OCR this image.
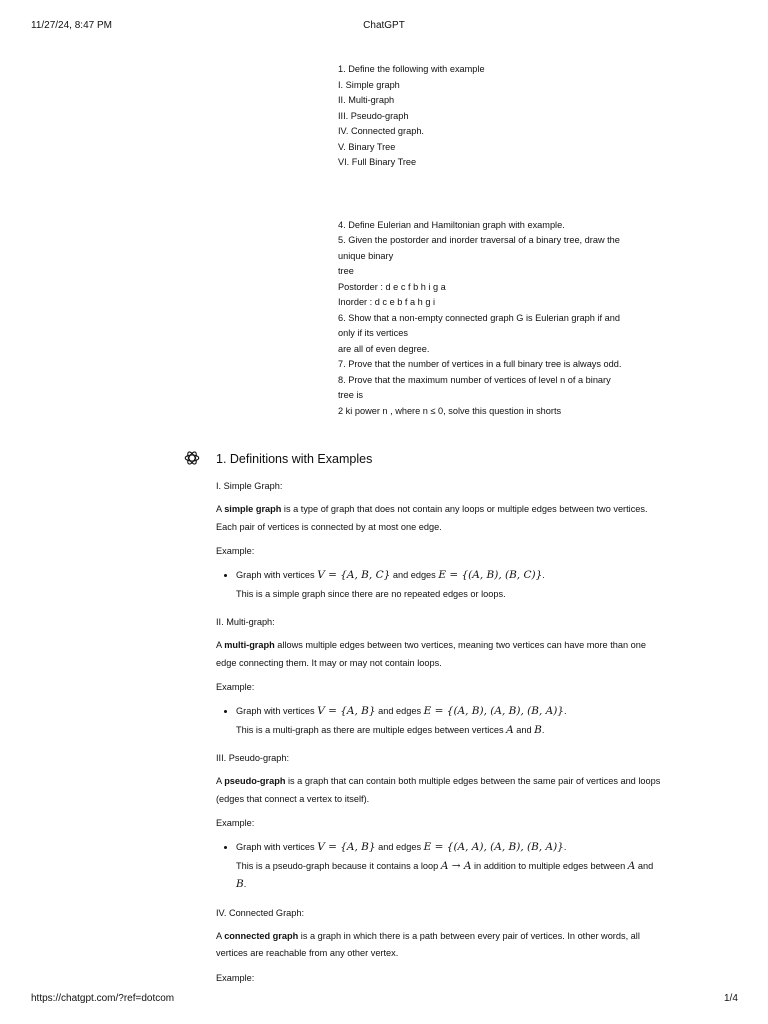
11/27/24, 8:47 PM	ChatGPT
1. Define the following with example
I. Simple graph
II. Multi-graph
III. Pseudo-graph
IV. Connected graph.
V. Binary Tree
VI. Full Binary Tree
4. Define Eulerian and Hamiltonian graph with example.
5. Given the postorder and inorder traversal of a binary tree, draw the
unique binary
tree
Postorder : d e c f b h i g a
Inorder : d c e b f a h g i
6. Show that a non-empty connected graph G is Eulerian graph if and
only if its vertices
are all of even degree.
7. Prove that the number of vertices in a full binary tree is always odd.
8. Prove that the maximum number of vertices of level n of a binary
tree is
2 ki power n , where n ≤ 0, solve this question in shorts
1. Definitions with Examples
I. Simple Graph:
A simple graph is a type of graph that does not contain any loops or multiple edges between two vertices. Each pair of vertices is connected by at most one edge.
Example:
• Graph with vertices V = {A, B, C} and edges E = {(A, B), (B, C)}.
This is a simple graph since there are no repeated edges or loops.
II. Multi-graph:
A multi-graph allows multiple edges between two vertices, meaning two vertices can have more than one edge connecting them. It may or may not contain loops.
Example:
• Graph with vertices V = {A, B} and edges E = {(A, B), (A, B), (B, A)}.
This is a multi-graph as there are multiple edges between vertices A and B.
III. Pseudo-graph:
A pseudo-graph is a graph that can contain both multiple edges between the same pair of vertices and loops (edges that connect a vertex to itself).
Example:
• Graph with vertices V = {A, B} and edges E = {(A, A), (A, B), (B, A)}.
This is a pseudo-graph because it contains a loop A → A in addition to multiple edges between A and B.
IV. Connected Graph:
A connected graph is a graph in which there is a path between every pair of vertices. In other words, all vertices are reachable from any other vertex.
Example:
https://chatgpt.com/?ref=dotcom	1/4
